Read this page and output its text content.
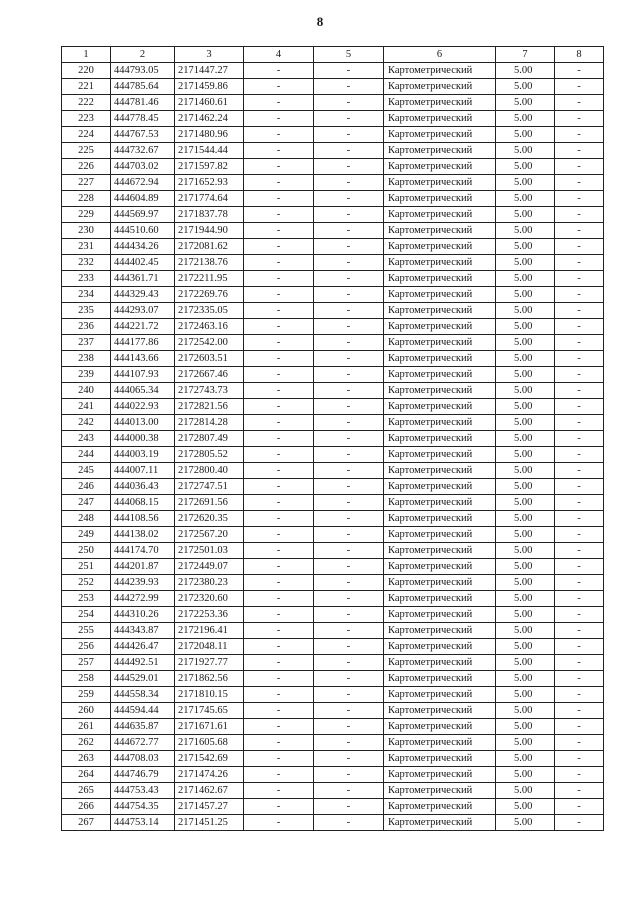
8
1	2	3	4	5	6	7	8
220	444793.05	2171447.27	-	-	Картометрический	5.00	-
221	444785.64	2171459.86	-	-	Картометрический	5.00	-
222	444781.46	2171460.61	-	-	Картометрический	5.00	-
223	444778.45	2171462.24	-	-	Картометрический	5.00	-
224	444767.53	2171480.96	-	-	Картометрический	5.00	-
225	444732.67	2171544.44	-	-	Картометрический	5.00	-
226	444703.02	2171597.82	-	-	Картометрический	5.00	-
227	444672.94	2171652.93	-	-	Картометрический	5.00	-
228	444604.89	2171774.64	-	-	Картометрический	5.00	-
229	444569.97	2171837.78	-	-	Картометрический	5.00	-
230	444510.60	2171944.90	-	-	Картометрический	5.00	-
231	444434.26	2172081.62	-	-	Картометрический	5.00	-
232	444402.45	2172138.76	-	-	Картометрический	5.00	-
233	444361.71	2172211.95	-	-	Картометрический	5.00	-
234	444329.43	2172269.76	-	-	Картометрический	5.00	-
235	444293.07	2172335.05	-	-	Картометрический	5.00	-
236	444221.72	2172463.16	-	-	Картометрический	5.00	-
237	444177.86	2172542.00	-	-	Картометрический	5.00	-
238	444143.66	2172603.51	-	-	Картометрический	5.00	-
239	444107.93	2172667.46	-	-	Картометрический	5.00	-
240	444065.34	2172743.73	-	-	Картометрический	5.00	-
241	444022.93	2172821.56	-	-	Картометрический	5.00	-
242	444013.00	2172814.28	-	-	Картометрический	5.00	-
243	444000.38	2172807.49	-	-	Картометрический	5.00	-
244	444003.19	2172805.52	-	-	Картометрический	5.00	-
245	444007.11	2172800.40	-	-	Картометрический	5.00	-
246	444036.43	2172747.51	-	-	Картометрический	5.00	-
247	444068.15	2172691.56	-	-	Картометрический	5.00	-
248	444108.56	2172620.35	-	-	Картометрический	5.00	-
249	444138.02	2172567.20	-	-	Картометрический	5.00	-
250	444174.70	2172501.03	-	-	Картометрический	5.00	-
251	444201.87	2172449.07	-	-	Картометрический	5.00	-
252	444239.93	2172380.23	-	-	Картометрический	5.00	-
253	444272.99	2172320.60	-	-	Картометрический	5.00	-
254	444310.26	2172253.36	-	-	Картометрический	5.00	-
255	444343.87	2172196.41	-	-	Картометрический	5.00	-
256	444426.47	2172048.11	-	-	Картометрический	5.00	-
257	444492.51	2171927.77	-	-	Картометрический	5.00	-
258	444529.01	2171862.56	-	-	Картометрический	5.00	-
259	444558.34	2171810.15	-	-	Картометрический	5.00	-
260	444594.44	2171745.65	-	-	Картометрический	5.00	-
261	444635.87	2171671.61	-	-	Картометрический	5.00	-
262	444672.77	2171605.68	-	-	Картометрический	5.00	-
263	444708.03	2171542.69	-	-	Картометрический	5.00	-
264	444746.79	2171474.26	-	-	Картометрический	5.00	-
265	444753.43	2171462.67	-	-	Картометрический	5.00	-
266	444754.35	2171457.27	-	-	Картометрический	5.00	-
267	444753.14	2171451.25	-	-	Картометрический	5.00	-
